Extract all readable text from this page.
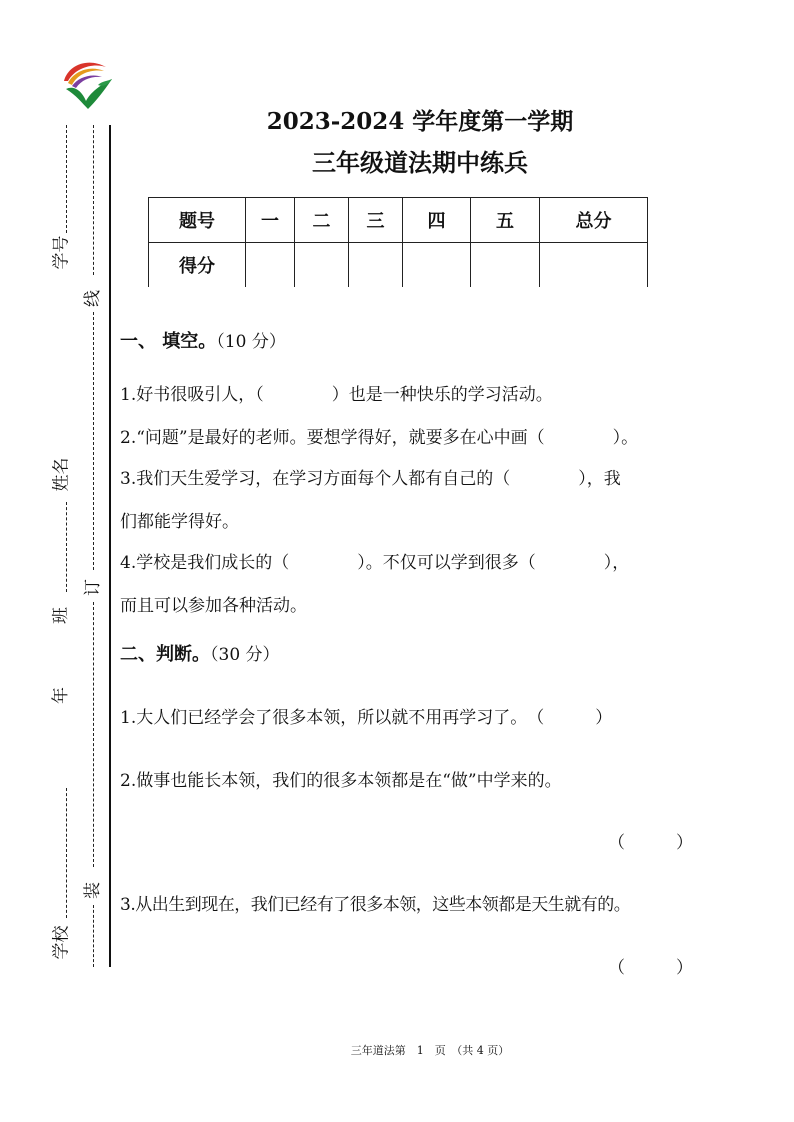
学号
姓名
班
年
学校
线
订
装
2023-2024 学年度第一学期
三年级道法期中练兵
题号	一	二	三	四	五	总分
得分						
一、 填空。（10 分）
1.好书很吸引人，（　　　　）也是一种快乐的学习活动。
2.“问题”是最好的老师。要想学得好，就要多在心中画（　　　　）。
3.我们天生爱学习，在学习方面每个人都有自己的（　　　　），我
们都能学得好。
4.学校是我们成长的（　　　　）。不仅可以学到很多（　　　　），
而且可以参加各种活动。
二、判断。（30 分）
1.大人们已经学会了很多本领，所以就不用再学习了。　（　　　）
2.做事也能长本领，我们的很多本领都是在“做”中学来的。
（　　　）
3.从出生到现在，我们已经有了很多本领，这些本领都是天生就有的。
（　　　）
三年道法第　1　页　（共 4 页）
